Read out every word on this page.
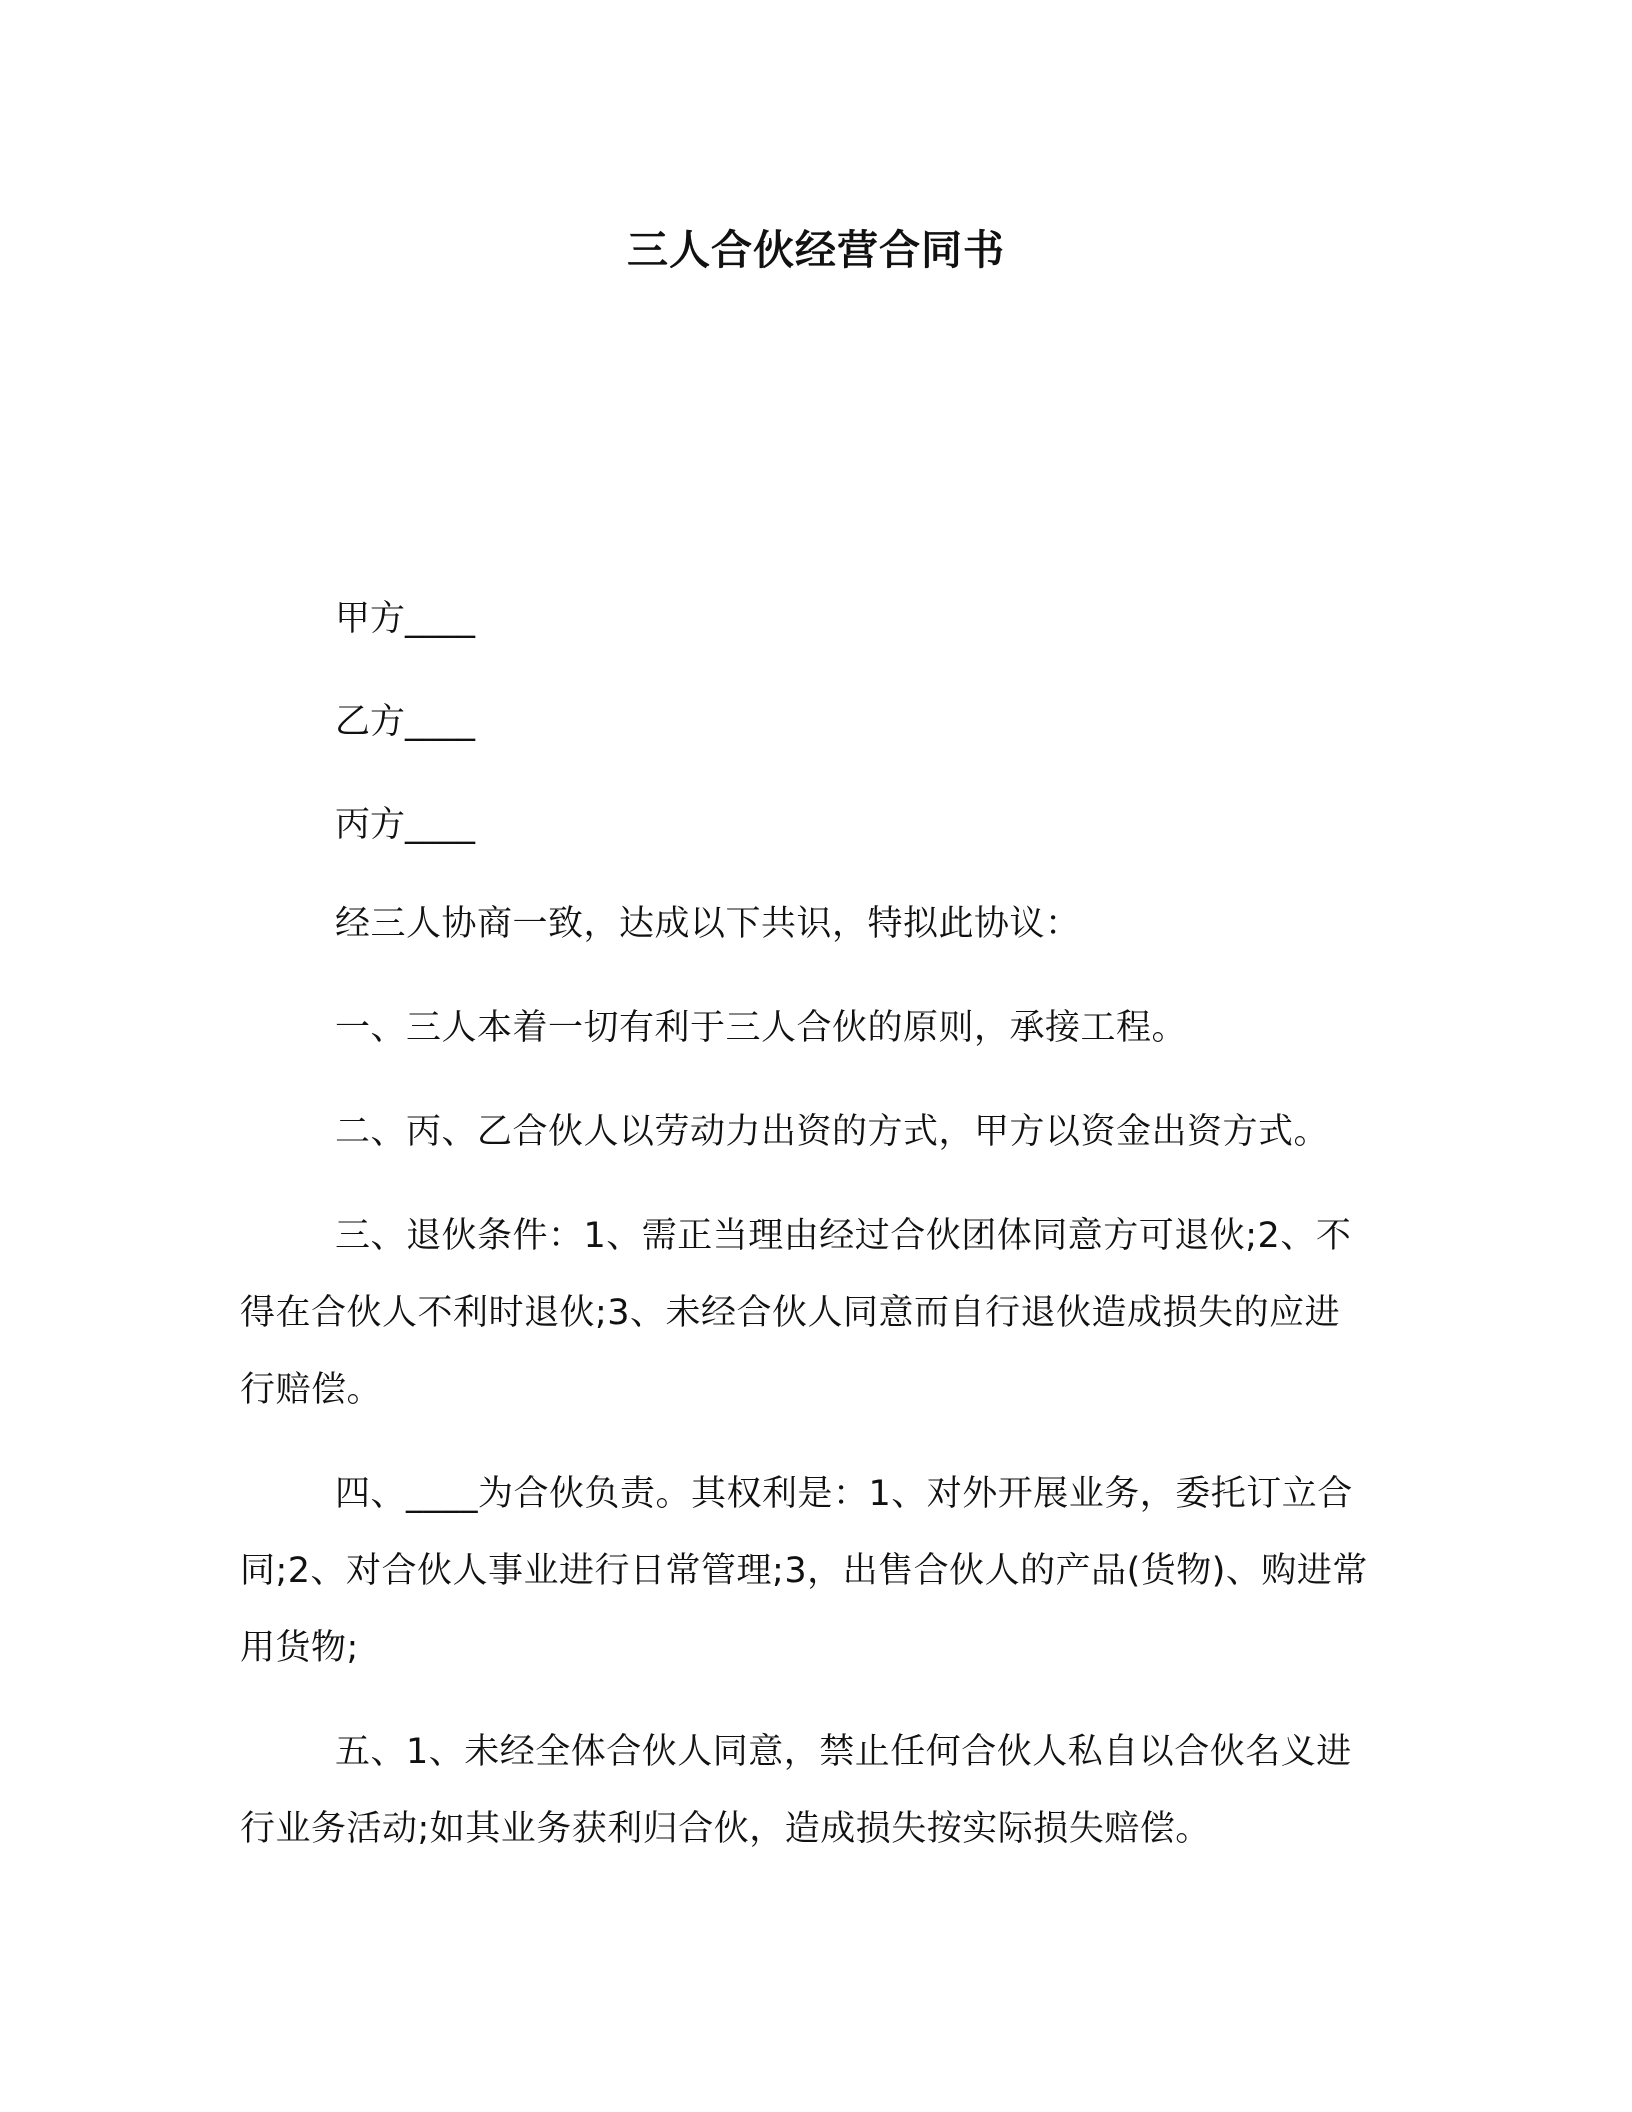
三人合伙经营合同书
甲方____
乙方____
丙方____

经三人协商一致，达成以下共识，特拟此协议：

一、三人本着一切有利于三人合伙的原则，承接工程。

二、丙、乙合伙人以劳动力出资的方式，甲方以资金出资方式。

三、退伙条件：1、需正当理由经过合伙团体同意方可退伙;2、不得在合伙人不利时退伙;3、未经合伙人同意而自行退伙造成损失的应进行赔偿。

四、____为合伙负责。其权利是：1、对外开展业务，委托订立合同;2、对合伙人事业进行日常管理;3，出售合伙人的产品(货物)、购进常用货物;

五、1、未经全体合伙人同意，禁止任何合伙人私自以合伙名义进行业务活动;如其业务获利归合伙，造成损失按实际损失赔偿。
